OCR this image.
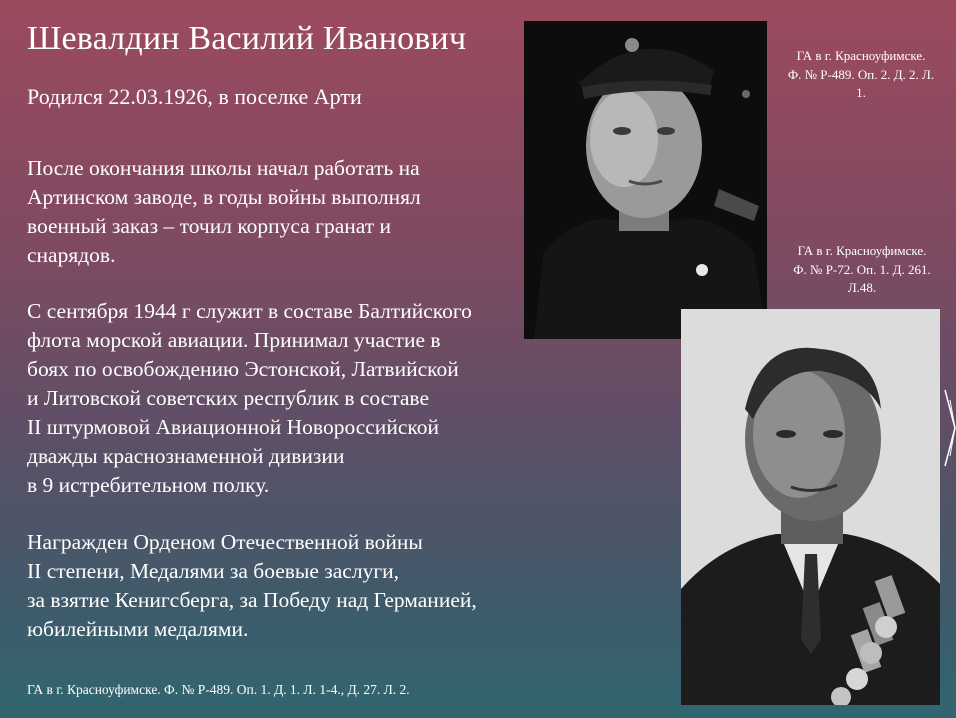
Шевалдин Василий Иванович
Родился 22.03.1926, в поселке Арти

После окончания школы начал работать на
Артинском заводе, в годы войны выполнял
военный заказ – точил корпуса гранат и
снарядов.

С сентября 1944 г служит в составе Балтийского
флота морской авиации. Принимал участие в
боях по освобождению Эстонской, Латвийской
и Литовской советских республик в составе
II штурмовой Авиационной Новороссийской
дважды краснознаменной дивизии
в 9 истребительном полку.

Награжден Орденом Отечественной войны
II степени, Медалями за боевые заслуги,
за взятие Кенигсберга, за Победу над Германией,
юбилейными медалями.

ГА в г. Красноуфимске. Ф. № Р-489. Оп. 1. Д. 1. Л. 1-4., Д. 27. Л. 2.
ГА в г. Красноуфимске.
Ф. № Р-489. Оп. 2. Д. 2. Л.
1.
ГА в г. Красноуфимске.
Ф. № Р-72. Оп. 1. Д. 261.
Л.48.
